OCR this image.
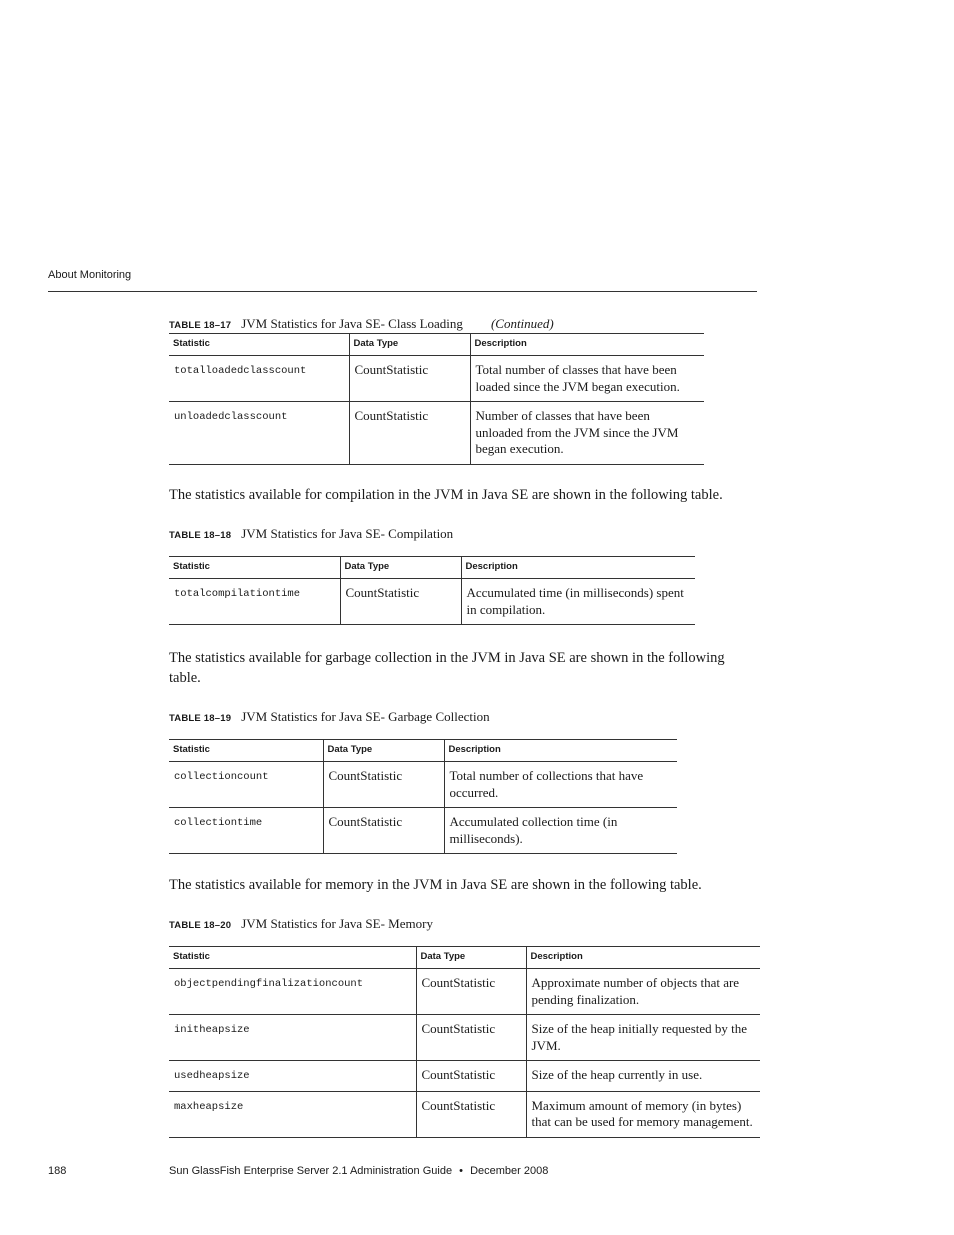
About Monitoring
TABLE 18–17 JVM Statistics for Java SE- Class Loading (Continued)
Statistic	Data Type	Description
totalloadedclasscount	CountStatistic	Total number of classes that have been loaded since the JVM began execution.
unloadedclasscount	CountStatistic	Number of classes that have been unloaded from the JVM since the JVM began execution.

The statistics available for compilation in the JVM in Java SE are shown in the following table.

TABLE 18–18 JVM Statistics for Java SE- Compilation
Statistic	Data Type	Description
totalcompilationtime	CountStatistic	Accumulated time (in milliseconds) spent in compilation.

The statistics available for garbage collection in the JVM in Java SE are shown in the following table.

TABLE 18–19 JVM Statistics for Java SE- Garbage Collection
Statistic	Data Type	Description
collectioncount	CountStatistic	Total number of collections that have occurred.
collectiontime	CountStatistic	Accumulated collection time (in milliseconds).

The statistics available for memory in the JVM in Java SE are shown in the following table.

TABLE 18–20 JVM Statistics for Java SE- Memory
Statistic	Data Type	Description
objectpendingfinalizationcount	CountStatistic	Approximate number of objects that are pending finalization.
initheapsize	CountStatistic	Size of the heap initially requested by the JVM.
usedheapsize	CountStatistic	Size of the heap currently in use.
maxheapsize	CountStatistic	Maximum amount of memory (in bytes) that can be used for memory management.
188	Sun GlassFish Enterprise Server 2.1 Administration Guide • December 2008
